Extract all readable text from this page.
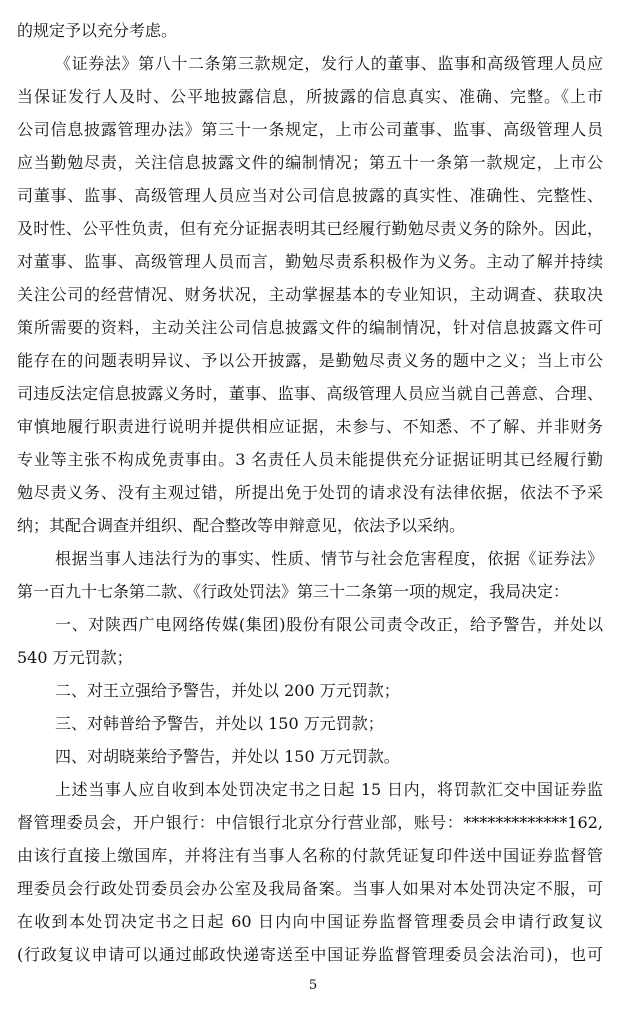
的规定予以充分考虑。
《证券法》第八十二条第三款规定，发行人的董事、监事和高级管理人员应
当保证发行人及时、公平地披露信息，所披露的信息真实、准确、完整。《上市
公司信息披露管理办法》第三十一条规定，上市公司董事、监事、高级管理人员
应当勤勉尽责，关注信息披露文件的编制情况；第五十一条第一款规定，上市公
司董事、监事、高级管理人员应当对公司信息披露的真实性、准确性、完整性、
及时性、公平性负责，但有充分证据表明其已经履行勤勉尽责义务的除外。因此，
对董事、监事、高级管理人员而言，勤勉尽责系积极作为义务。主动了解并持续
关注公司的经营情况、财务状况，主动掌握基本的专业知识，主动调查、获取决
策所需要的资料，主动关注公司信息披露文件的编制情况，针对信息披露文件可
能存在的问题表明异议、予以公开披露，是勤勉尽责义务的题中之义；当上市公
司违反法定信息披露义务时，董事、监事、高级管理人员应当就自己善意、合理、
审慎地履行职责进行说明并提供相应证据，未参与、不知悉、不了解、并非财务
专业等主张不构成免责事由。3 名责任人员未能提供充分证据证明其已经履行勤
勉尽责义务、没有主观过错，所提出免于处罚的请求没有法律依据，依法不予采
纳；其配合调查并组织、配合整改等申辩意见，依法予以采纳。
根据当事人违法行为的事实、性质、情节与社会危害程度，依据《证券法》
第一百九十七条第二款、《行政处罚法》第三十二条第一项的规定，我局决定：
一、对陕西广电网络传媒(集团)股份有限公司责令改正，给予警告，并处以
540 万元罚款；
二、对王立强给予警告，并处以 200 万元罚款；
三、对韩普给予警告，并处以 150 万元罚款；
四、对胡晓莱给予警告，并处以 150 万元罚款。
上述当事人应自收到本处罚决定书之日起 15 日内，将罚款汇交中国证券监
督管理委员会，开户银行：中信银行北京分行营业部，账号：*************162,
由该行直接上缴国库，并将注有当事人名称的付款凭证复印件送中国证券监督管
理委员会行政处罚委员会办公室及我局备案。当事人如果对本处罚决定不服，可
在收到本处罚决定书之日起 60 日内向中国证券监督管理委员会申请行政复议
(行政复议申请可以通过邮政快递寄送至中国证券监督管理委员会法治司)，也可
5
